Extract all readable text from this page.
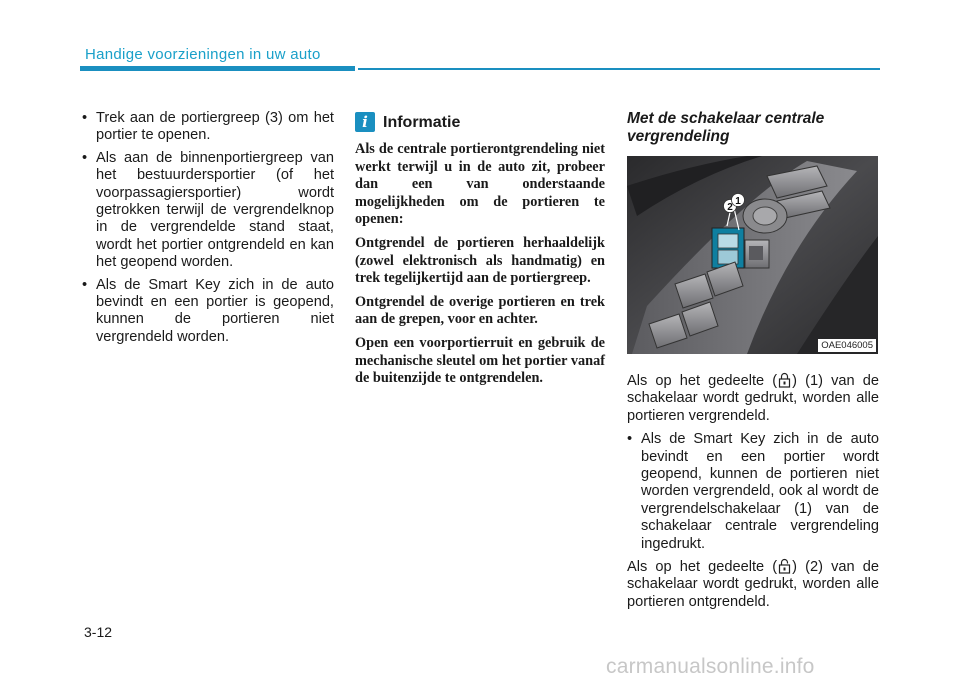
Handige voorzieningen in uw auto
• Trek aan de portiergreep (3) om het portier te openen.
• Als aan de binnenportiergreep van het bestuurdersportier (of het voorpassagiersportier) wordt getrokken terwijl de vergrendelknop in de vergrendelde stand staat, wordt het portier ontgrendeld en kan het geopend worden.
• Als de Smart Key zich in de auto bevindt en een portier is geopend, kunnen de portieren niet vergrendeld worden.
i Informatie

Als de centrale portierontgrendeling niet werkt terwijl u in de auto zit, probeer dan een van onderstaande mogelijkheden om de portieren te openen:

Ontgrendel de portieren herhaaldelijk (zowel elektronisch als handmatig) en trek tegelijkertijd aan de portiergreep.

Ontgrendel de overige portieren en trek aan de grepen, voor en achter.

Open een voorportierruit en gebruik de mechanische sleutel om het portier vanaf de buitenzijde te ontgrendelen.

Met de schakelaar centrale vergrendeling
2
1
OAE046005

Als op het gedeelte ( ) (1) van de schakelaar wordt gedrukt, worden alle portieren vergrendeld.

• Als de Smart Key zich in de auto bevindt en een portier wordt geopend, kunnen de portieren niet worden vergrendeld, ook al wordt de vergrendelschakelaar (1) van de schakelaar centrale vergrendeling ingedrukt.

Als op het gedeelte ( ) (2) van de schakelaar wordt gedrukt, worden alle portieren ontgrendeld.

3-12
carmanualsonline.info
